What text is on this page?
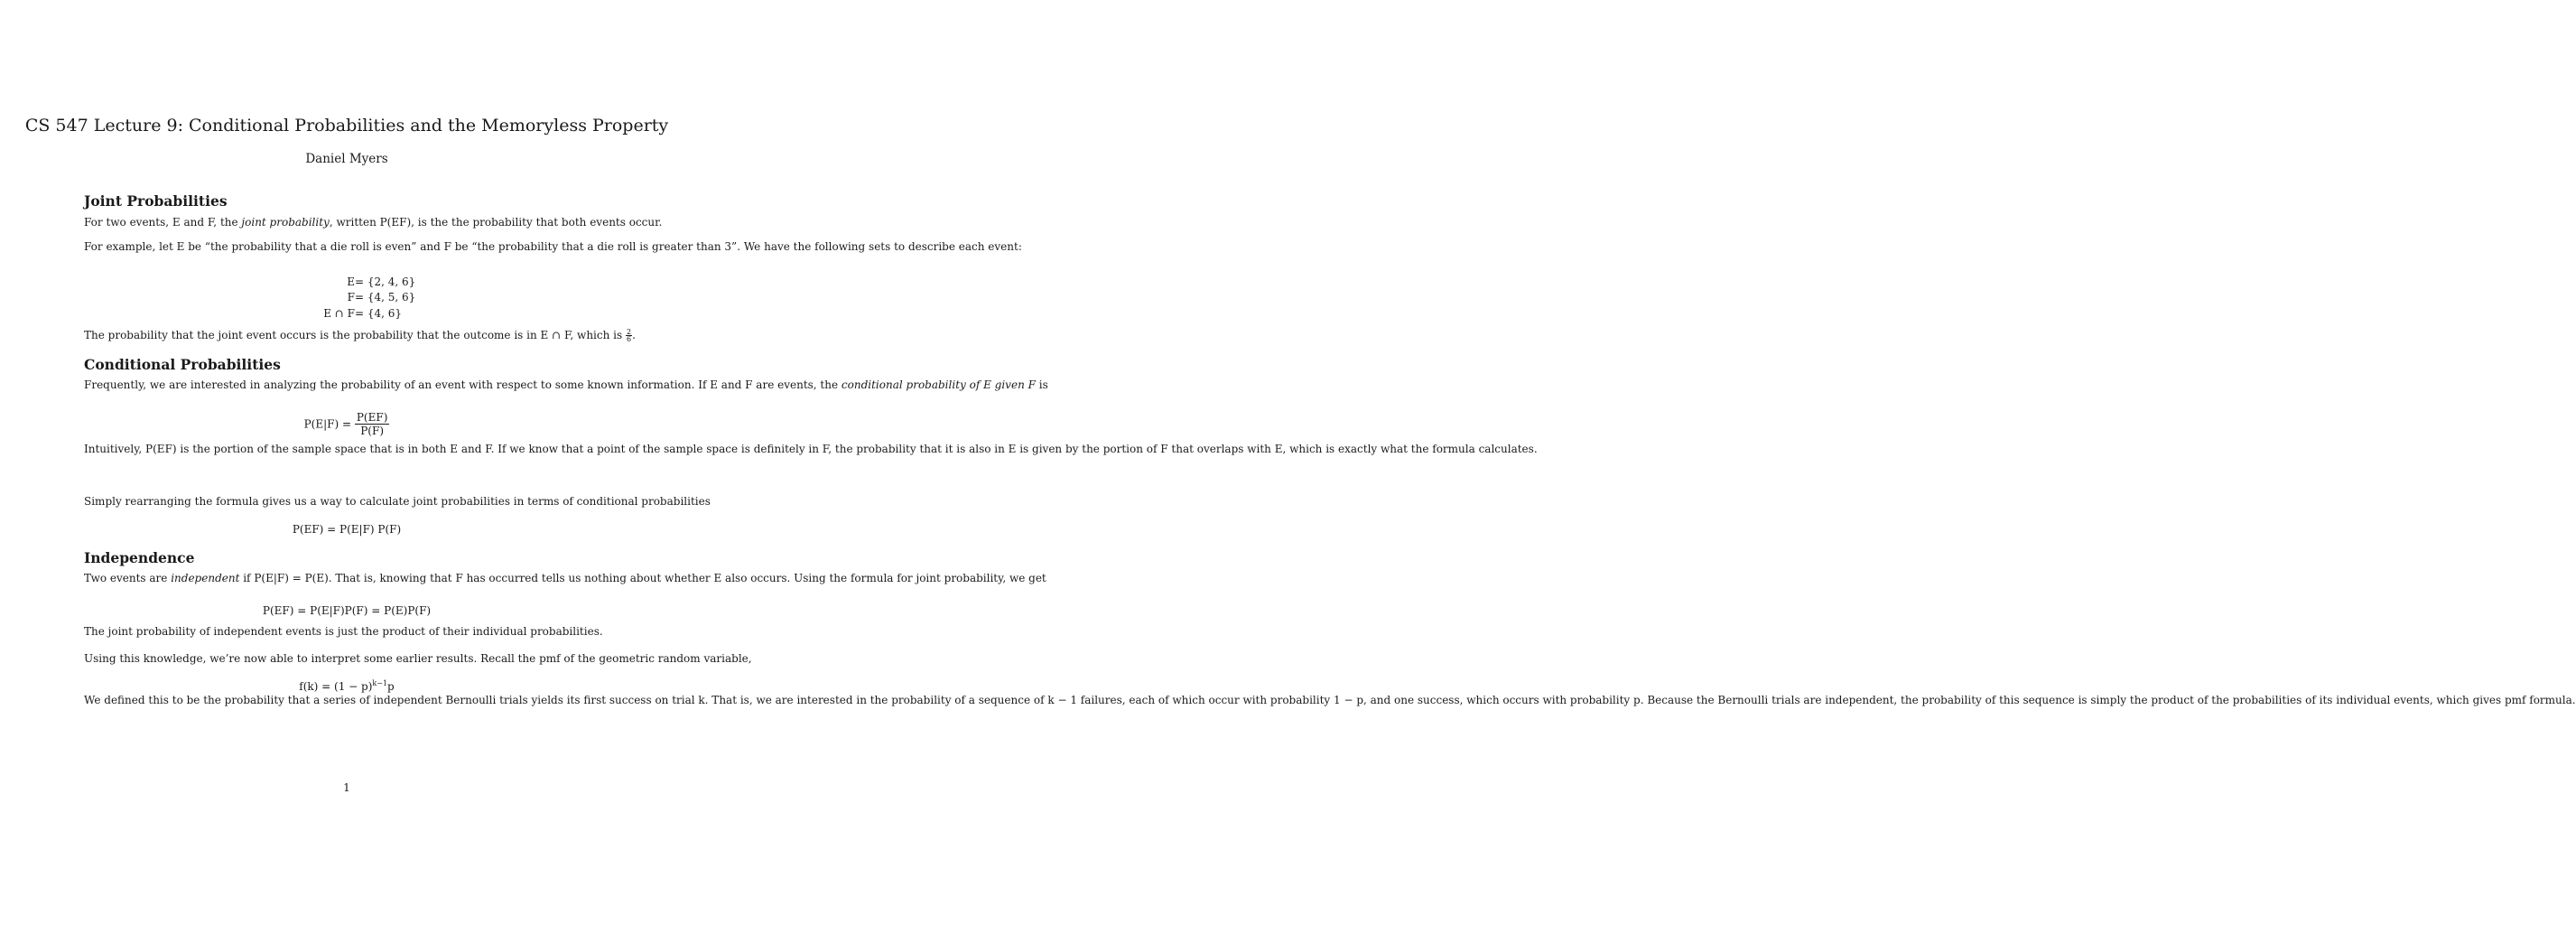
CS 547 Lecture 9: Conditional Probabilities and the Memoryless Property
Daniel Myers
Joint Probabilities

For two events, E and F, the joint probability, written P(EF), is the the probability that both events occur.

For example, let E be “the probability that a die roll is even” and F be “the probability that a die roll is greater than 3”. We have the following sets to describe each event:

E = {2, 4, 6}
F = {4, 5, 6}
E ∩ F = {4, 6}

The probability that the joint event occurs is the probability that the outcome is in E ∩ F, which is $\frac{2}{6}$ .

Conditional Probabilities

Frequently, we are interested in analyzing the probability of an event with respect to some known information. If E and F are events, the conditional probability of E given F is

$P(E|F) = \frac{P(EF)}{P(F)}$

Intuitively, P(EF) is the portion of the sample space that is in both E and F. If we know that a point of the sample space is definitely in F, the probability that it is also in E is given by the portion of F that overlaps with E, which is exactly what the formula calculates.

Simply rearranging the formula gives us a way to calculate joint probabilities in terms of conditional probabilities

P(EF) = P(E|F) P(F)
Independence

Two events are independent if P(E|F) = P(E). That is, knowing that F has occurred tells us nothing about whether E also occurs. Using the formula for joint probability, we get

P(EF) = P(E|F)P(F) = P(E)P(F)

The joint probability of independent events is just the product of their individual probabilities.

Using this knowledge, we’re now able to interpret some earlier results. Recall the pmf of the geometric random variable,

$f(k) = (1 - p)^{k-1}p$

We defined this to be the probability that a series of independent Bernoulli trials yields its first success on trial k. That is, we are interested in the probability of a sequence of k − 1 failures, each of which occur with probability 1 − p, and one success, which occurs with probability p. Because the Bernoulli trials are independent, the probability of this sequence is simply the product of the probabilities of its individual events, which gives pmf formula.

1
